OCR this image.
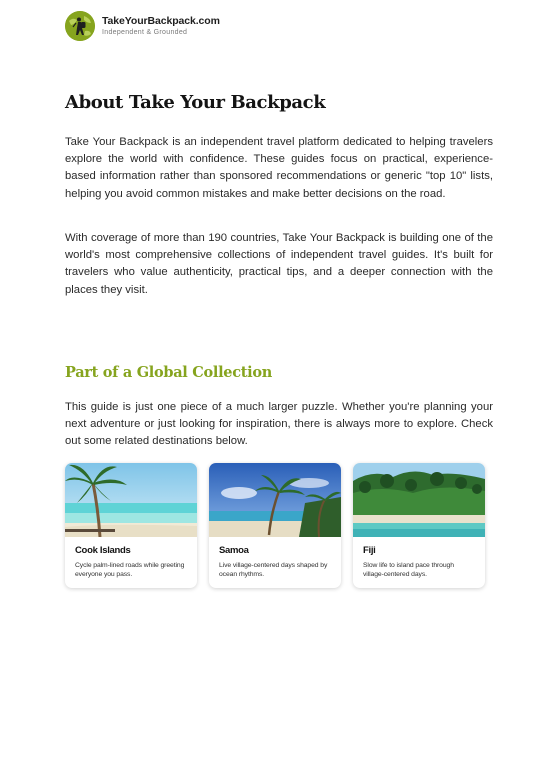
TakeYourBackpack.com
Independent & Grounded
About Take Your Backpack

Take Your Backpack is an independent travel platform dedicated to helping travelers explore the world with confidence. These guides focus on practical, experience-based information rather than sponsored recommendations or generic "top 10" lists, helping you avoid common mistakes and make better decisions on the road.

With coverage of more than 190 countries, Take Your Backpack is building one of the world's most comprehensive collections of independent travel guides. It's built for travelers who value authenticity, practical tips, and a deeper connection with the places they visit.

Part of a Global Collection

This guide is just one piece of a much larger puzzle. Whether you're planning your next adventure or just looking for inspiration, there is always more to explore. Check out some related destinations below.

Cook Islands

Cycle palm-lined roads while greeting everyone you pass.

Samoa

Live village-centered days shaped by ocean rhythms.

Fiji

Slow life to island pace through village-centered days.
